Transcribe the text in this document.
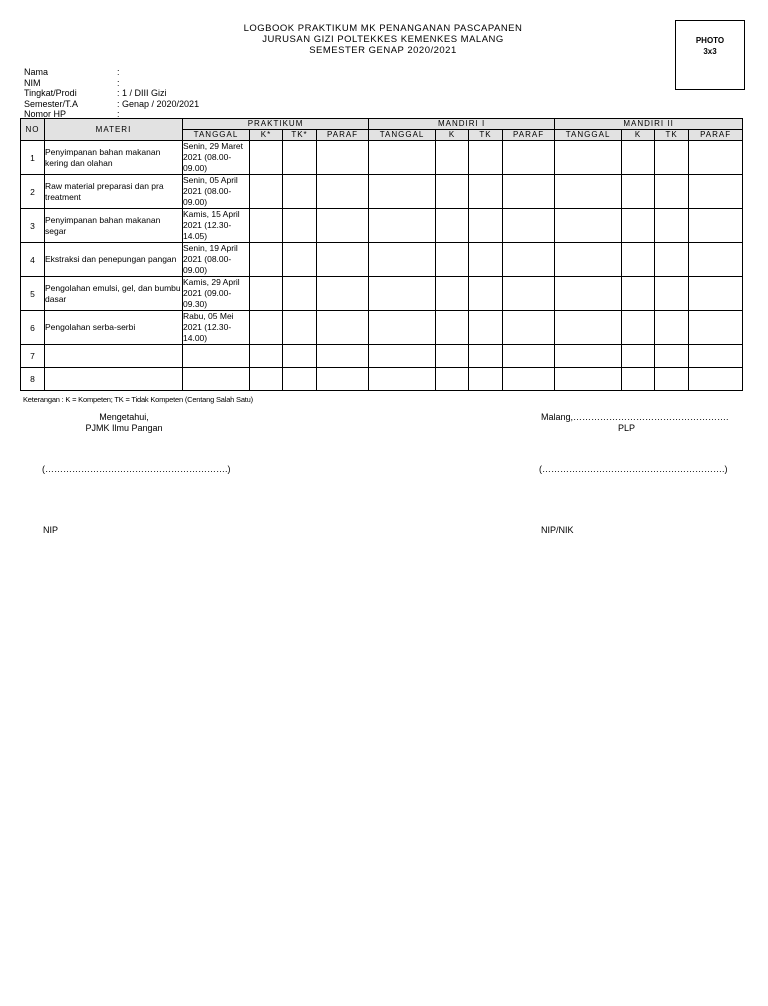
LOGBOOK PRAKTIKUM MK PENANGANAN PASCAPANEN
JURUSAN GIZI POLTEKKES KEMENKES MALANG
SEMESTER GENAP 2020/2021
PHOTO
3x3
Nama	:
NIM	:
Tingkat/Prodi	: 1 / DIII Gizi
Semester/T.A	: Genap / 2020/2021
Nomor HP	:
NO	MATERI	PRAKTIKUM				MANDIRI I				MANDIRI II			
		TANGGAL	K*	TK*	PARAF	TANGGAL	K	TK	PARAF	TANGGAL	K	TK	PARAF
1	Penyimpanan bahan makanan kering dan olahan	Senin, 29 Maret 2021 (08.00-09.00)											
2	Raw material preparasi dan pra treatment	Senin, 05 April 2021 (08.00-09.00)											
3	Penyimpanan bahan makanan segar	Kamis, 15 April 2021 (12.30-14.05)											
4	Ekstraksi dan penepungan pangan	Senin, 19 April 2021 (08.00-09.00)											
5	Pengolahan emulsi, gel, dan bumbu dasar	Kamis, 29 April 2021 (09.00-09.30)											
6	Pengolahan serba-serbi	Rabu, 05 Mei 2021 (12.30-14.00)											
7													
8													
Keterangan : K = Kompeten; TK = Tidak Kompeten (Centang Salah Satu)
Mengetahui,
PJMK Ilmu Pangan
(…………………………………………………….)
NIP
Malang,…………………………………………….
PLP
(…………………………………………………….)
NIP/NIK
